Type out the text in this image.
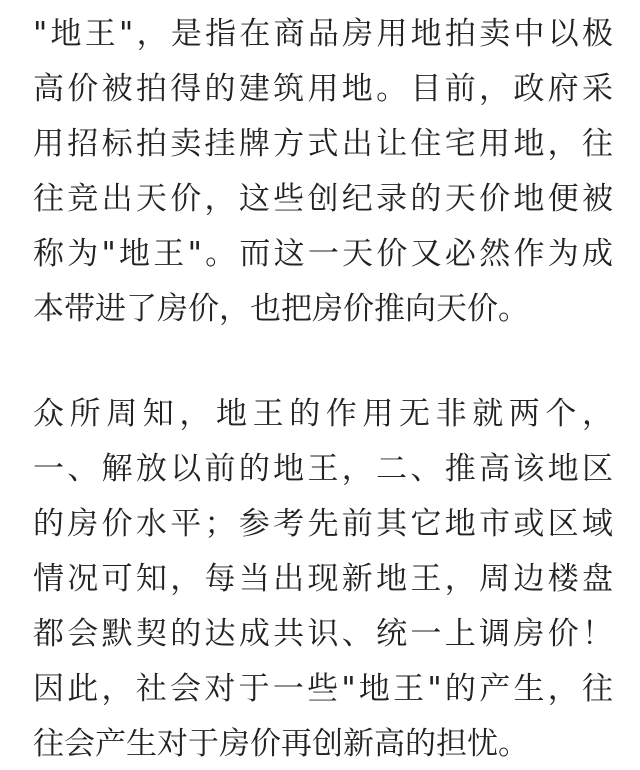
"地王"，是指在商品房用地拍卖中以极
高价被拍得的建筑用地。目前，政府采
用招标拍卖挂牌方式出让住宅用地，往
往竞出天价，这些创纪录的天价地便被
称为"地王"。而这一天价又必然作为成
本带进了房价，也把房价推向天价。
众所周知，地王的作用无非就两个，
一、解放以前的地王，二、推高该地区
的房价水平；参考先前其它地市或区域
情况可知，每当出现新地王，周边楼盘
都会默契的达成共识、统一上调房价！
因此，社会对于一些"地王"的产生，往
往会产生对于房价再创新高的担忧。
